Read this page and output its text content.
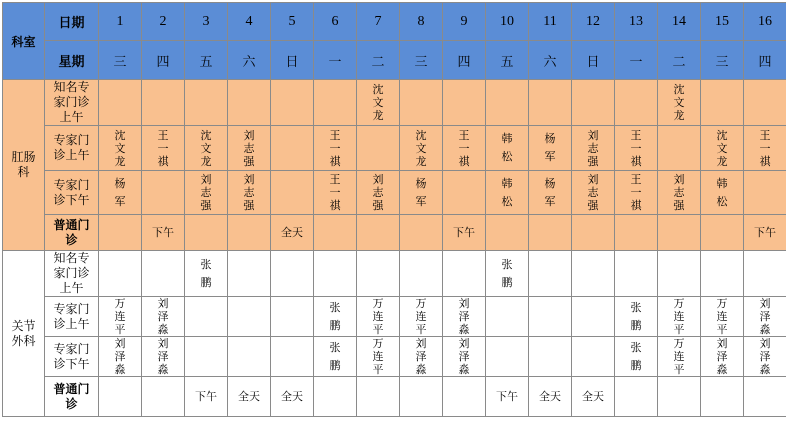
科室	日期	1	2	3	4	5	6	7	8	9	10	11	12	13	14	15	16
	星期	三	四	五	六	日	一	二	三	四	五	六	日	一	二	三	四
肛肠科	知名专家门诊上午							沈文龙							沈文龙	

	专家门诊上午	沈文龙	王一祺	沈文龙	刘志强		王一祺		沈文龙	王一祺	韩松	杨军	刘志强	王一祺		沈文龙	王一祺
	专家门诊下午	杨军		刘志强	刘志强		王一祺	刘志强	杨军		韩松	杨军	刘志强	王一祺	刘志强	韩松	

	普通门诊		下午			全天				下午							下午

关节外科	知名专家门诊上午			张鹏							张鹏	

	专家门诊上午	万连平	刘泽淼				张鹏	万连平	万连平	刘泽淼				张鹏	万连平	万连平	刘泽淼
	专家门诊下午	刘泽淼	刘泽淼				张鹏	万连平	刘泽淼	刘泽淼				张鹏	万连平	刘泽淼	刘泽淼
	普通门诊			下午	全天	全天					下午	全天	全天				
